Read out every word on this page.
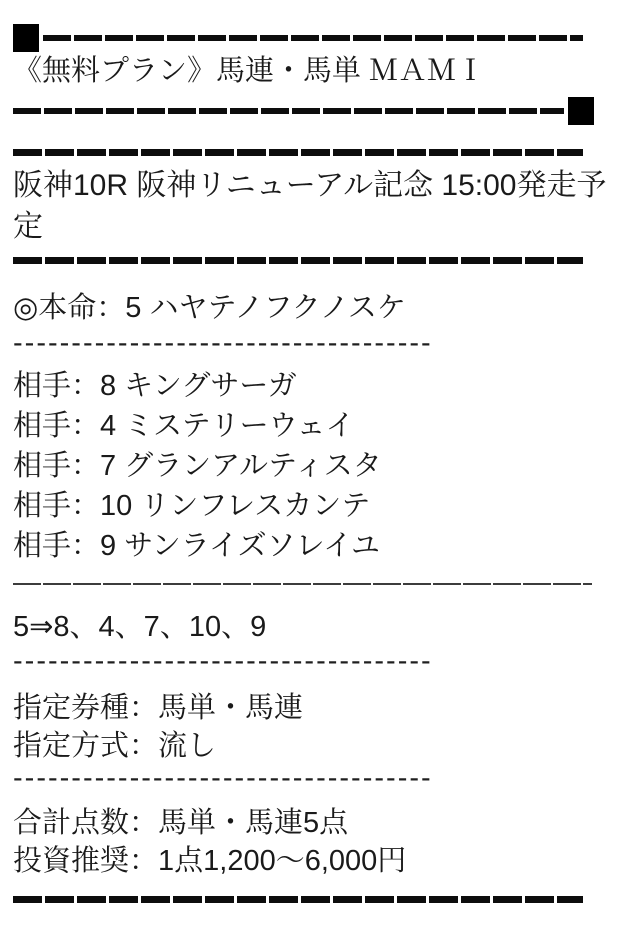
《無料プラン》馬連・馬単 ＭＡＭＩ
阪神10R 阪神リニューアル記念 15:00発走予定
◎本命：5 ハヤテノフクノスケ
------------------------------------
相手：8 キングサーガ
相手：4 ミステリーウェイ
相手：7 グランアルティスタ
相手：10 リンフレスカンテ
相手：9 サンライズソレイユ
5⇒8、4、7、10、9
------------------------------------
指定券種：馬単・馬連
指定方式：流し
------------------------------------
合計点数：馬単・馬連5点
投資推奨：1点1,200〜6,000円
